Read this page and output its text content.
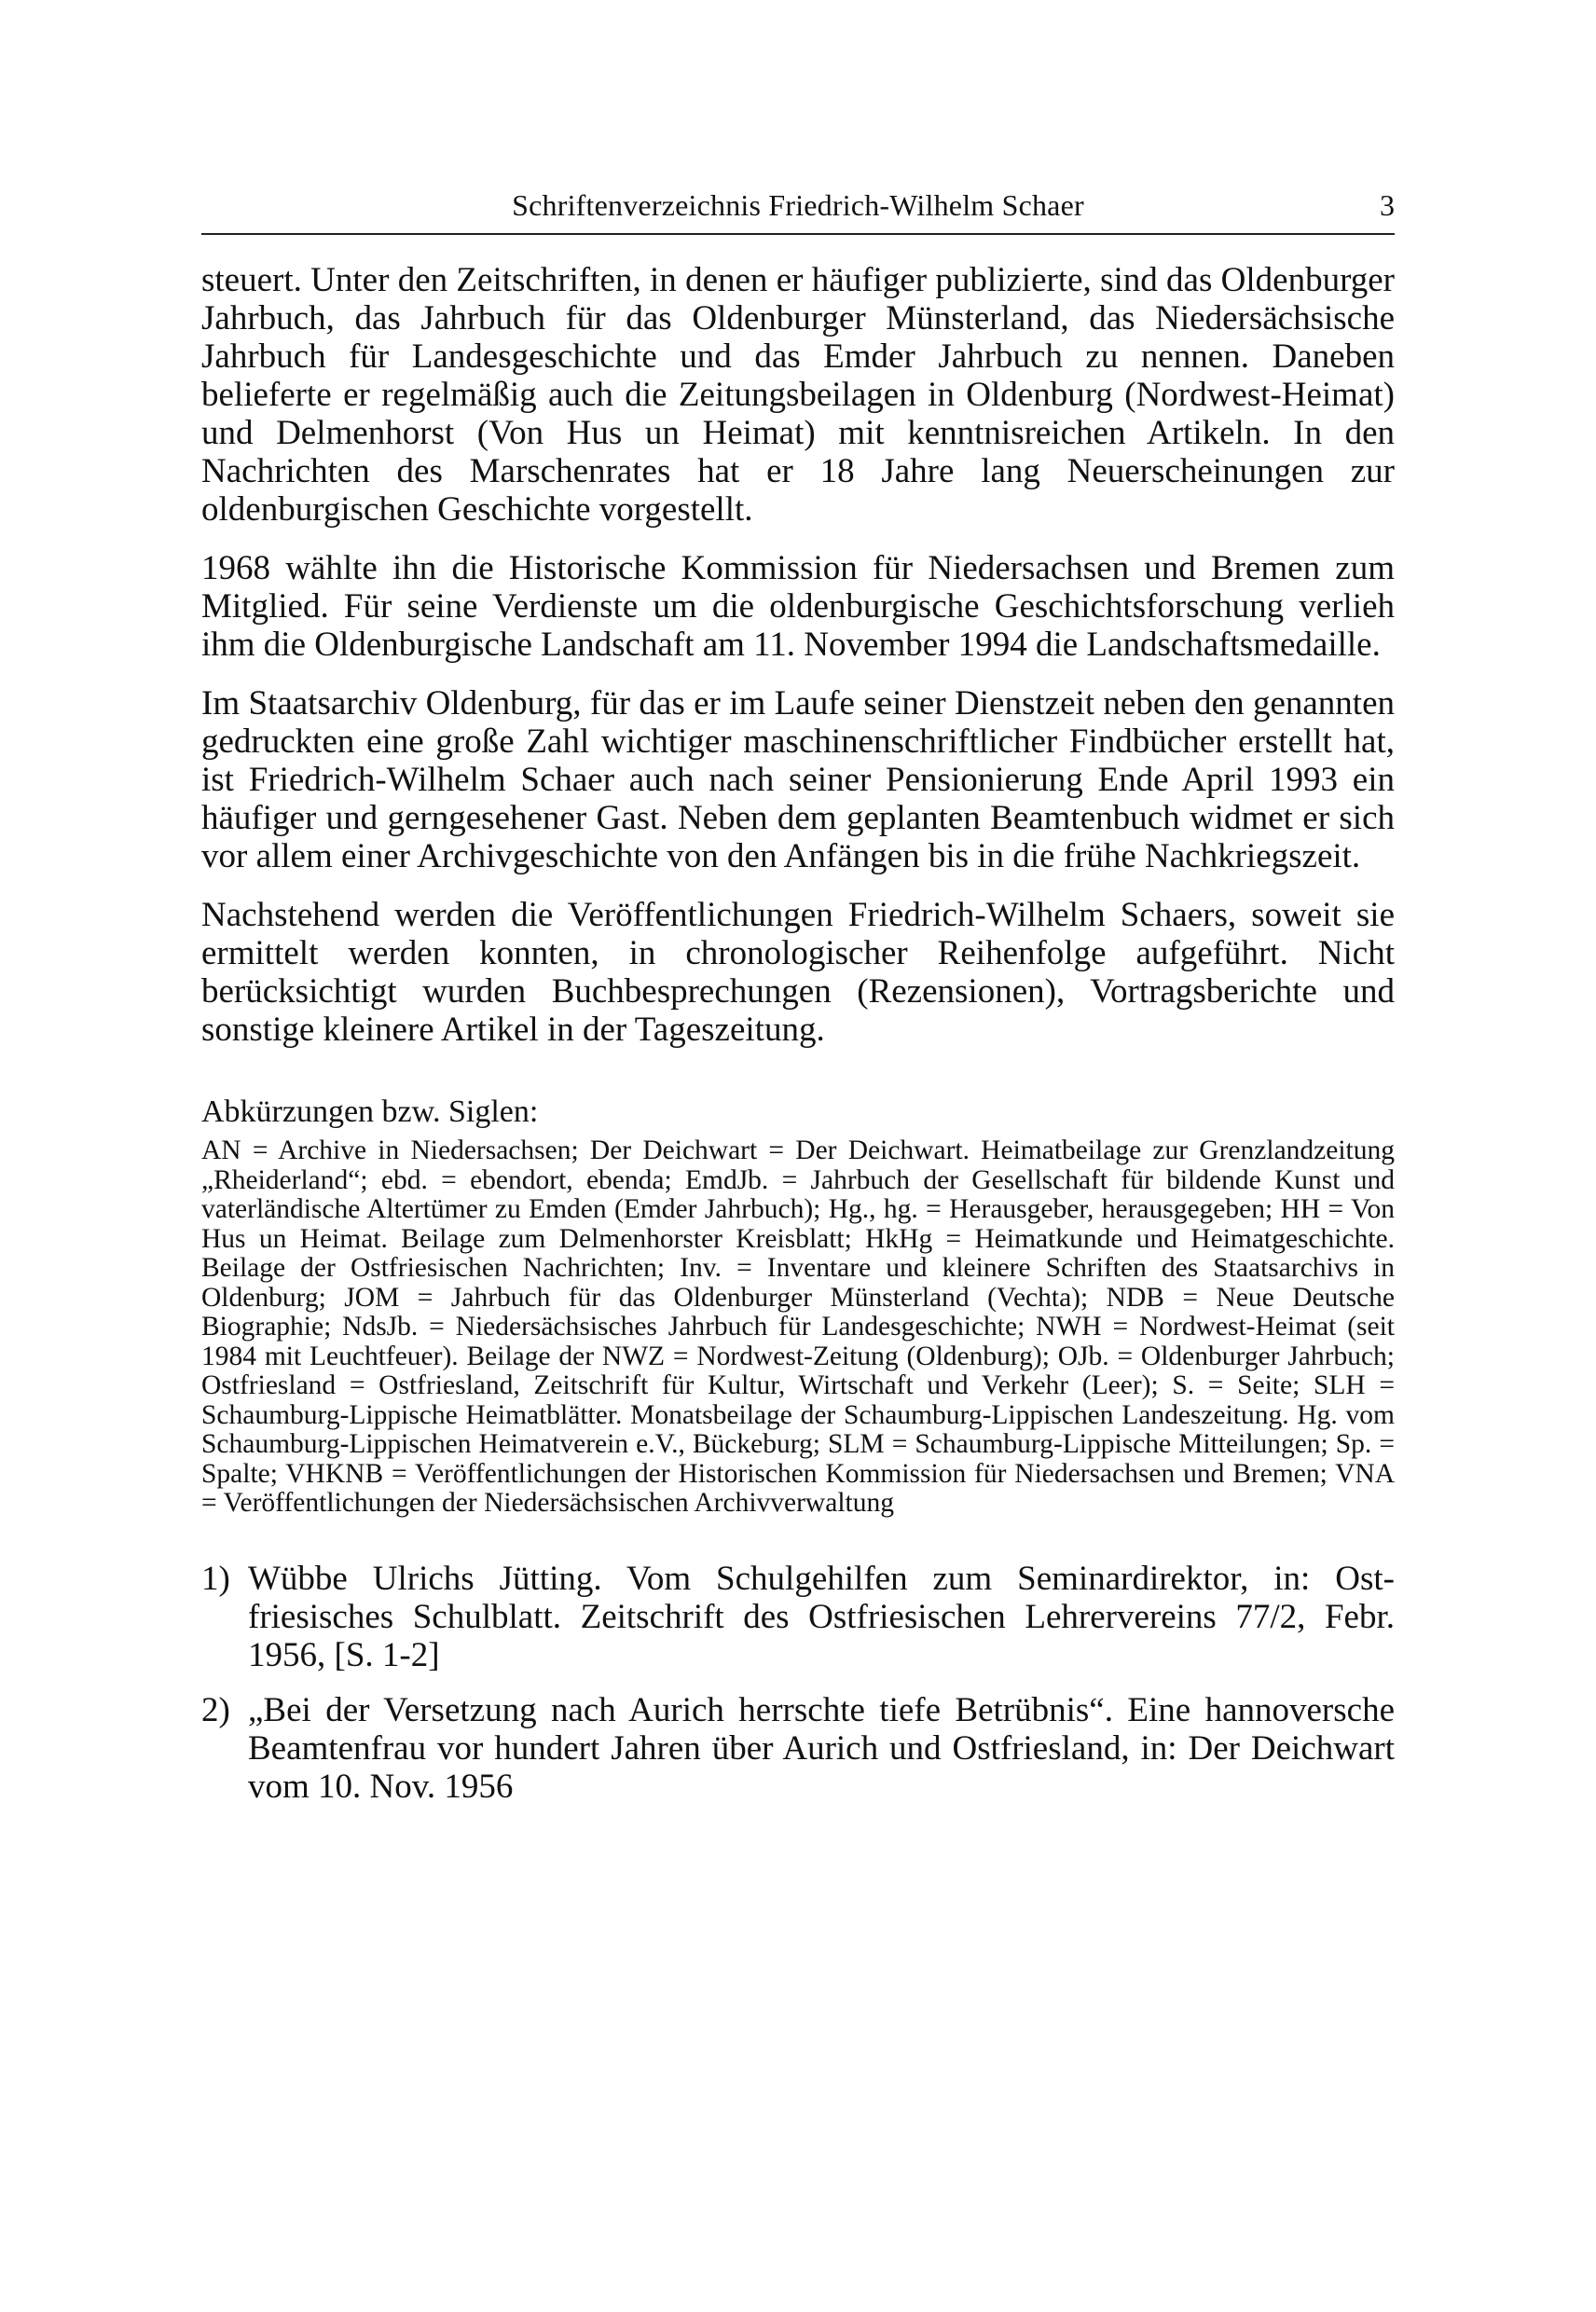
Schriftenverzeichnis Friedrich-Wilhelm Schaer	3

steuert. Unter den Zeitschriften, in denen er häufiger publizierte, sind das Oldenburger Jahrbuch, das Jahrbuch für das Oldenburger Münsterland, das Niedersächsische Jahrbuch für Landesgeschichte und das Emder Jahrbuch zu nennen. Daneben belieferte er regelmäßig auch die Zeitungsbeilagen in Oldenburg (Nordwest-Heimat) und Delmenhorst (Von Hus un Heimat) mit kenntnisreichen Artikeln. In den Nachrichten des Marschenrates hat er 18 Jahre lang Neuerscheinungen zur oldenburgischen Geschichte vorgestellt.

1968 wählte ihn die Historische Kommission für Niedersachsen und Bremen zum Mitglied. Für seine Verdienste um die oldenburgische Geschichtsforschung verlieh ihm die Oldenburgische Landschaft am 11. November 1994 die Landschaftsmedaille.

Im Staatsarchiv Oldenburg, für das er im Laufe seiner Dienstzeit neben den genannten gedruckten eine große Zahl wichtiger maschinenschriftlicher Findbücher erstellt hat, ist Friedrich-Wilhelm Schaer auch nach seiner Pensionierung Ende April 1993 ein häufiger und gerngesehener Gast. Neben dem geplanten Beamtenbuch widmet er sich vor allem einer Archivgeschichte von den Anfängen bis in die frühe Nachkriegszeit.

Nachstehend werden die Veröffentlichungen Friedrich-Wilhelm Schaers, soweit sie ermittelt werden konnten, in chronologischer Reihenfolge aufgeführt. Nicht berücksichtigt wurden Buchbesprechungen (Rezensionen), Vortragsberichte und sonstige kleinere Artikel in der Tageszeitung.

Abkürzungen bzw. Siglen:

AN = Archive in Niedersachsen; Der Deichwart = Der Deichwart. Heimatbeilage zur Grenzlandzeitung „Rheiderland“; ebd. = ebendort, ebenda; EmdJb. = Jahrbuch der Gesellschaft für bildende Kunst und vaterländische Altertümer zu Emden (Emder Jahrbuch); Hg., hg. = Herausgeber, herausgegeben; HH = Von Hus un Heimat. Beilage zum Delmenhorster Kreisblatt; HkHg = Heimatkunde und Heimatgeschichte. Beilage der Ostfriesischen Nachrichten; Inv. = Inventare und kleinere Schriften des Staatsarchivs in Oldenburg; JOM = Jahrbuch für das Oldenburger Münsterland (Vechta); NDB = Neue Deutsche Biographie; NdsJb. = Niedersächsisches Jahrbuch für Landesgeschichte; NWH = Nordwest-Heimat (seit 1984 mit Leuchtfeuer). Beilage der NWZ = Nordwest-Zeitung (Oldenburg); OJb. = Oldenburger Jahrbuch; Ostfriesland = Ostfriesland, Zeitschrift für Kultur, Wirtschaft und Verkehr (Leer); S. = Seite; SLH = Schaumburg-Lippische Heimatblätter. Monatsbeilage der Schaumburg-Lippischen Landeszeitung. Hg. vom Schaumburg-Lippischen Heimatverein e.V., Bückeburg; SLM = Schaumburg-Lippische Mitteilungen; Sp. = Spalte; VHKNB = Veröffentlichungen der Historischen Kommission für Niedersachsen und Bremen; VNA = Veröffentlichungen der Niedersächsischen Archivverwaltung

1) Wübbe Ulrichs Jütting. Vom Schulgehilfen zum Seminardirektor, in: Ostfriesisches Schulblatt. Zeitschrift des Ostfriesischen Lehrervereins 77/2, Febr. 1956, [S. 1-2]
2) „Bei der Versetzung nach Aurich herrschte tiefe Betrübnis“. Eine hannoversche Beamtenfrau vor hundert Jahren über Aurich und Ostfriesland, in: Der Deichwart vom 10. Nov. 1956
